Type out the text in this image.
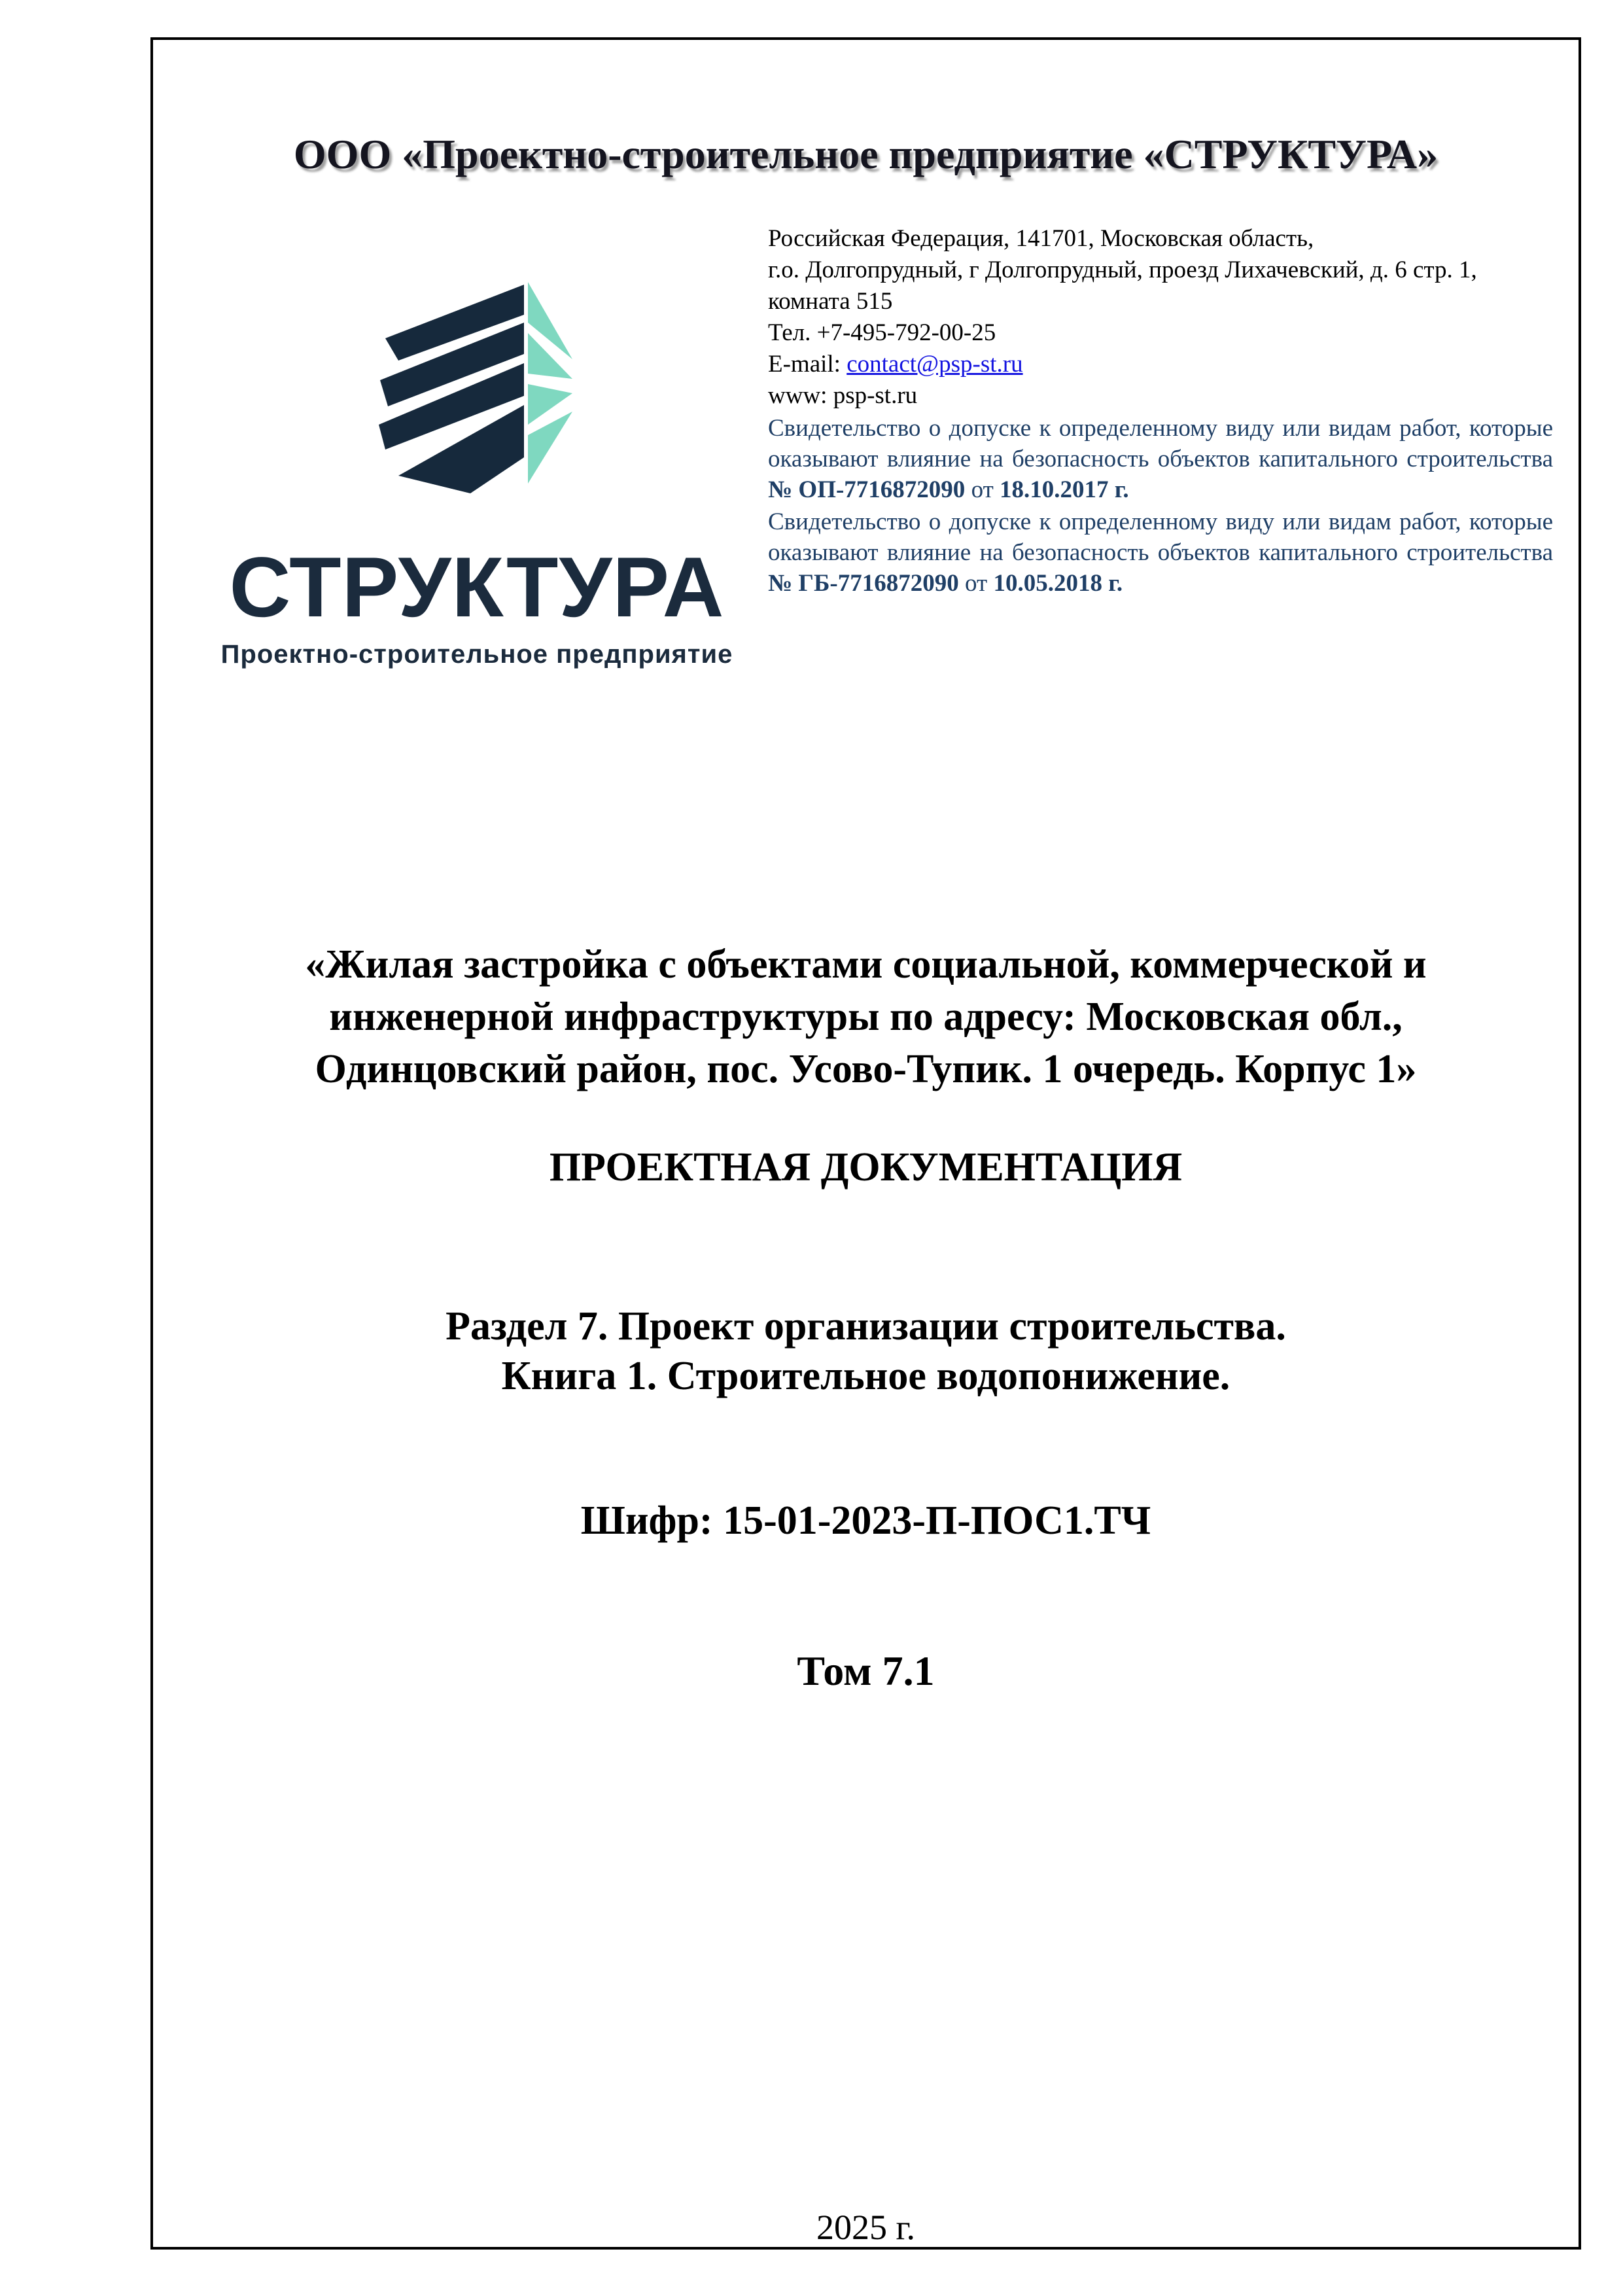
ООО «Проектно-строительное предприятие «СТРУКТУРА»
СТРУКТУРА
Проектно-строительное предприятие
Российская Федерация, 141701, Московская область,
г.о. Долгопрудный, г Долгопрудный, проезд Лихачевский, д. 6 стр. 1,
комната 515
Тел. +7-495-792-00-25
E-mail: contact@psp-st.ru
www: psp-st.ru

Свидетельство о допуске к определенному виду или видам работ, которые оказывают влияние на безопасность объектов капитального строительства № ОП-7716872090 от 18.10.2017 г.

Свидетельство о допуске к определенному виду или видам работ, которые оказывают влияние на безопасность объектов капитального строительства № ГБ-7716872090 от 10.05.2018 г.

«Жилая застройка с объектами социальной, коммерческой и
инженерной инфраструктуры по адресу: Московская обл.,
Одинцовский район, пос. Усово-Тупик. 1 очередь. Корпус 1»
ПРОЕКТНАЯ ДОКУМЕНТАЦИЯ
Раздел 7. Проект организации строительства.
Книга 1. Строительное водопонижение.
Шифр: 15-01-2023-П-ПОС1.ТЧ
Том 7.1
2025 г.
